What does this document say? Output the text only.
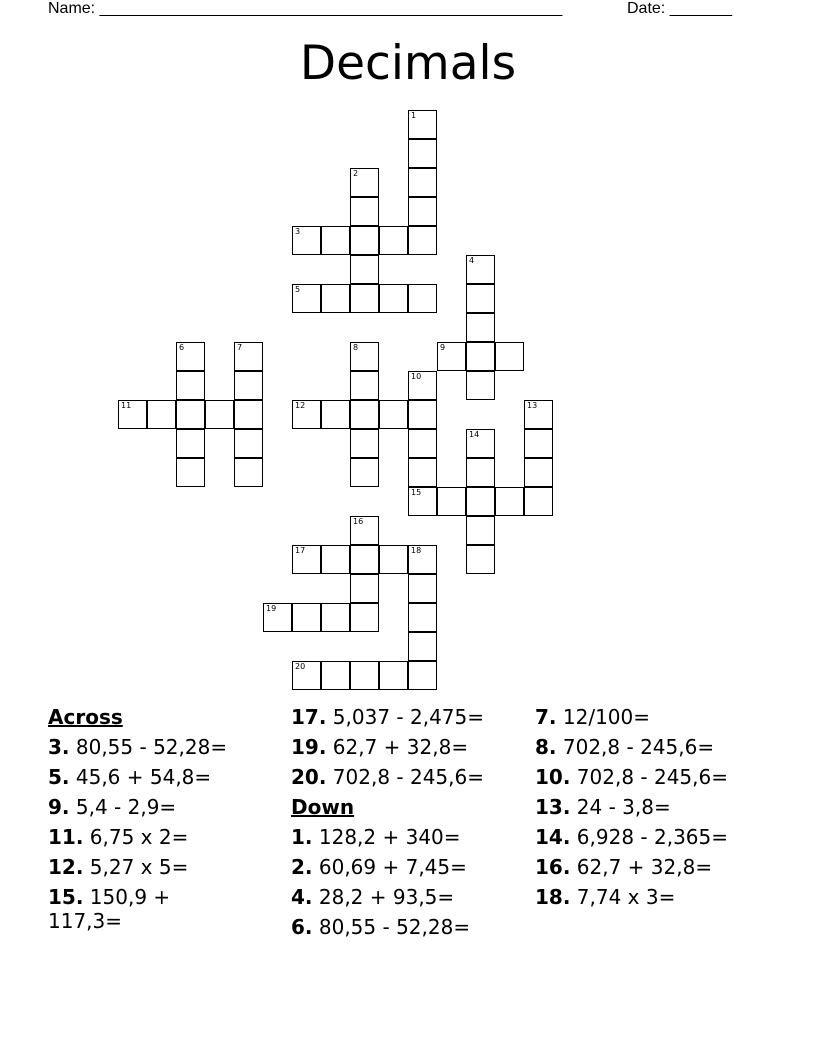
Name: ____________________________________________________	Date: _______
Decimals
1
2
3
4
5
6	7	8	9
10
15
11	12	13
14
16
17	18
19
20
Across
3. 80,55 - 52,28=
5. 45,6 + 54,8=
9. 5,4 - 2,9=
11. 6,75 x 2=
12. 5,27 x 5=
15. 150,9 + 117,3=
17. 5,037 - 2,475=
19. 62,7 + 32,8=
20. 702,8 - 245,6=
Down
1. 128,2 + 340=
2. 60,69 + 7,45=
4. 28,2 + 93,5=
6. 80,55 - 52,28=
7. 12/100=
8. 702,8 - 245,6=
10. 702,8 - 245,6=
13. 24 - 3,8=
14. 6,928 - 2,365=
16. 62,7 + 32,8=
18. 7,74 x 3=
